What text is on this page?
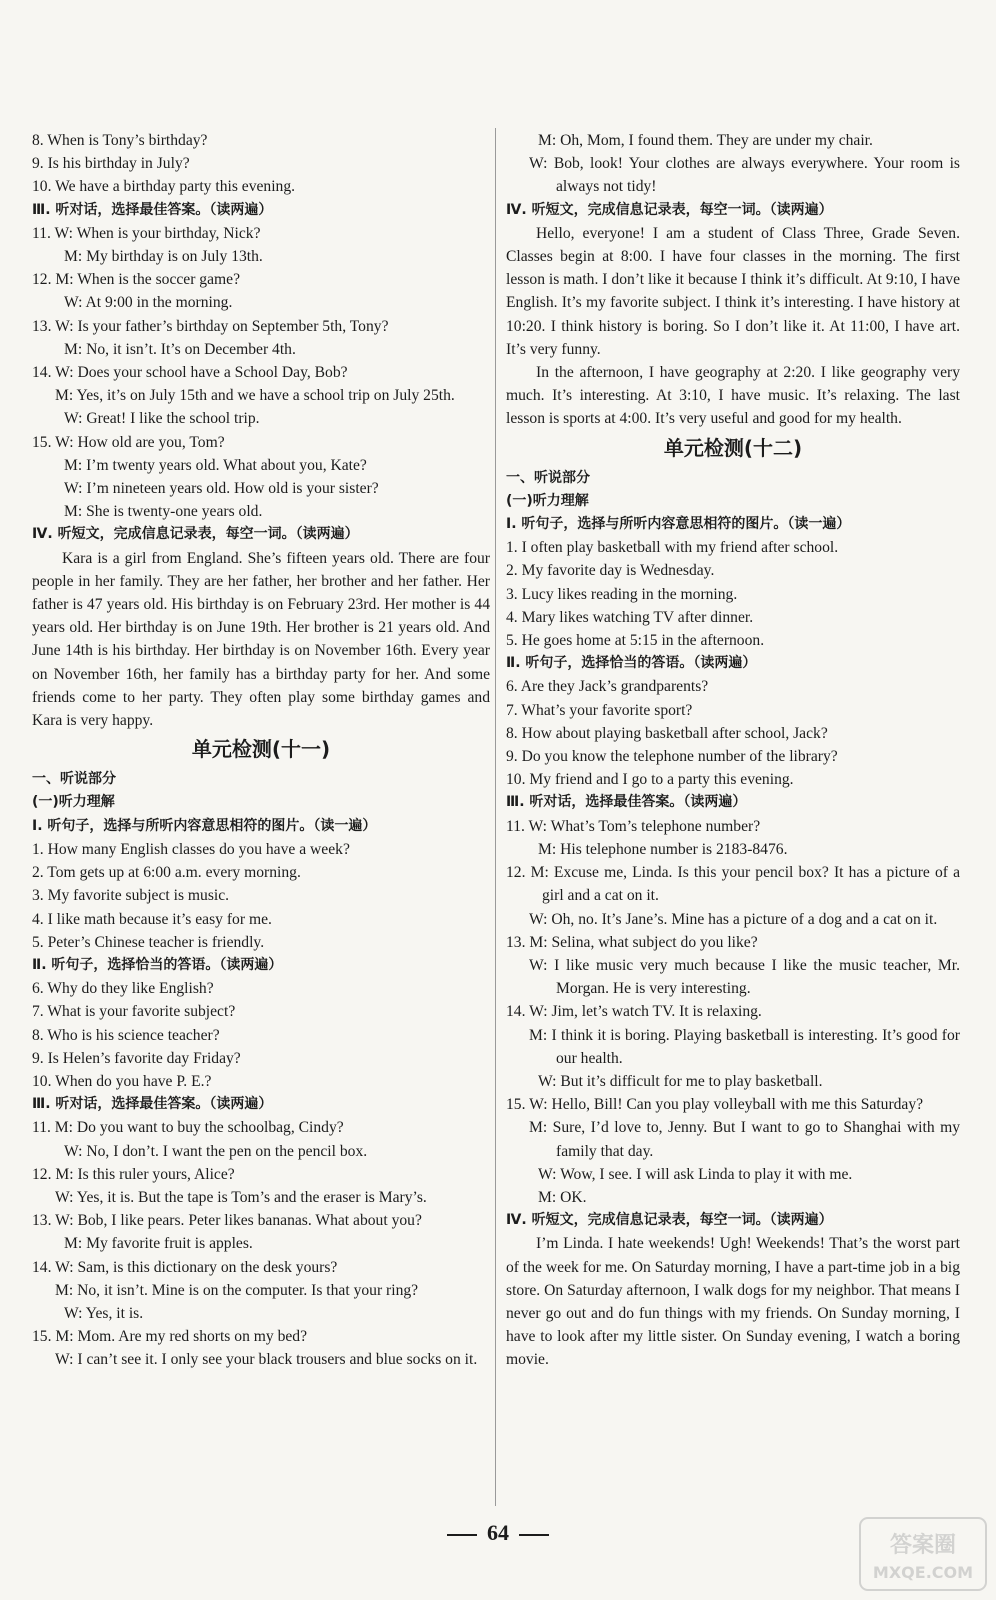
8. When is Tony’s birthday?
9. Is his birthday in July?
10. We have a birthday party this evening.
Ⅲ. 听对话，选择最佳答案。（读两遍）
11. W: When is your birthday, Nick?
M: My birthday is on July 13th.
12. M: When is the soccer game?
W: At 9:00 in the morning.
13. W: Is your father’s birthday on September 5th, Tony?
M: No, it isn’t. It’s on December 4th.
14. W: Does your school have a School Day, Bob?
M: Yes, it’s on July 15th and we have a school trip on July 25th.
W: Great! I like the school trip.
15. W: How old are you, Tom?
M: I’m twenty years old. What about you, Kate?
W: I’m nineteen years old. How old is your sister?
M: She is twenty-one years old.
Ⅳ. 听短文，完成信息记录表，每空一词。（读两遍）
Kara is a girl from England. She’s fifteen years old. There are four people in her family. They are her father, her brother and her father. Her father is 47 years old. His birthday is on February 23rd. Her mother is 44 years old. Her birthday is on June 19th. Her brother is 21 years old. And June 14th is his birthday. Her birthday is on November 16th. Every year on November 16th, her family has a birthday party for her. And some friends come to her party. They often play some birthday games and Kara is very happy.
单元检测(十一)
一、听说部分
(一)听力理解
Ⅰ. 听句子，选择与所听内容意思相符的图片。（读一遍）
1. How many English classes do you have a week?
2. Tom gets up at 6:00 a.m. every morning.
3. My favorite subject is music.
4. I like math because it’s easy for me.
5. Peter’s Chinese teacher is friendly.
Ⅱ. 听句子，选择恰当的答语。（读两遍）
6. Why do they like English?
7. What is your favorite subject?
8. Who is his science teacher?
9. Is Helen’s favorite day Friday?
10. When do you have P. E.?
Ⅲ. 听对话，选择最佳答案。（读两遍）
11. M: Do you want to buy the schoolbag, Cindy?
W: No, I don’t. I want the pen on the pencil box.
12. M: Is this ruler yours, Alice?
W: Yes, it is. But the tape is Tom’s and the eraser is Mary’s.
13. W: Bob, I like pears. Peter likes bananas. What about you?
M: My favorite fruit is apples.
14. W: Sam, is this dictionary on the desk yours?
M: No, it isn’t. Mine is on the computer. Is that your ring?
W: Yes, it is.
15. M: Mom. Are my red shorts on my bed?
W: I can’t see it. I only see your black trousers and blue socks on it.
M: Oh, Mom, I found them. They are under my chair.
W: Bob, look! Your clothes are always everywhere. Your room is always not tidy!
Ⅳ. 听短文，完成信息记录表，每空一词。（读两遍）
Hello, everyone! I am a student of Class Three, Grade Seven. Classes begin at 8:00. I have four classes in the morning. The first lesson is math. I don’t like it because I think it’s difficult. At 9:10, I have English. It’s my favorite subject. I think it’s interesting. I have history at 10:20. I think history is boring. So I don’t like it. At 11:00, I have art. It’s very funny.
In the afternoon, I have geography at 2:20. I like geography very much. It’s interesting. At 3:10, I have music. It’s relaxing. The last lesson is sports at 4:00. It’s very useful and good for my health.
单元检测(十二)
一、听说部分
(一)听力理解
Ⅰ. 听句子，选择与所听内容意思相符的图片。（读一遍）
1. I often play basketball with my friend after school.
2. My favorite day is Wednesday.
3. Lucy likes reading in the morning.
4. Mary likes watching TV after dinner.
5. He goes home at 5:15 in the afternoon.
Ⅱ. 听句子，选择恰当的答语。（读两遍）
6. Are they Jack’s grandparents?
7. What’s your favorite sport?
8. How about playing basketball after school, Jack?
9. Do you know the telephone number of the library?
10. My friend and I go to a party this evening.
Ⅲ. 听对话，选择最佳答案。（读两遍）
11. W: What’s Tom’s telephone number?
M: His telephone number is 2183-8476.
12. M: Excuse me, Linda. Is this your pencil box? It has a picture of a girl and a cat on it.
W: Oh, no. It’s Jane’s. Mine has a picture of a dog and a cat on it.
13. M: Selina, what subject do you like?
W: I like music very much because I like the music teacher, Mr. Morgan. He is very interesting.
14. W: Jim, let’s watch TV. It is relaxing.
M: I think it is boring. Playing basketball is interesting. It’s good for our health.
W: But it’s difficult for me to play basketball.
15. W: Hello, Bill! Can you play volleyball with me this Saturday?
M: Sure, I’d love to, Jenny. But I want to go to Shanghai with my family that day.
W: Wow, I see. I will ask Linda to play it with me.
M: OK.
Ⅳ. 听短文，完成信息记录表，每空一词。（读两遍）
I’m Linda. I hate weekends! Ugh! Weekends! That’s the worst part of the week for me. On Saturday morning, I have a part-time job in a big store. On Saturday afternoon, I walk dogs for my neighbor. That means I never go out and do fun things with my friends. On Sunday morning, I have to look after my little sister. On Sunday evening, I watch a boring movie.
64
答案圈
MXQE.COM
